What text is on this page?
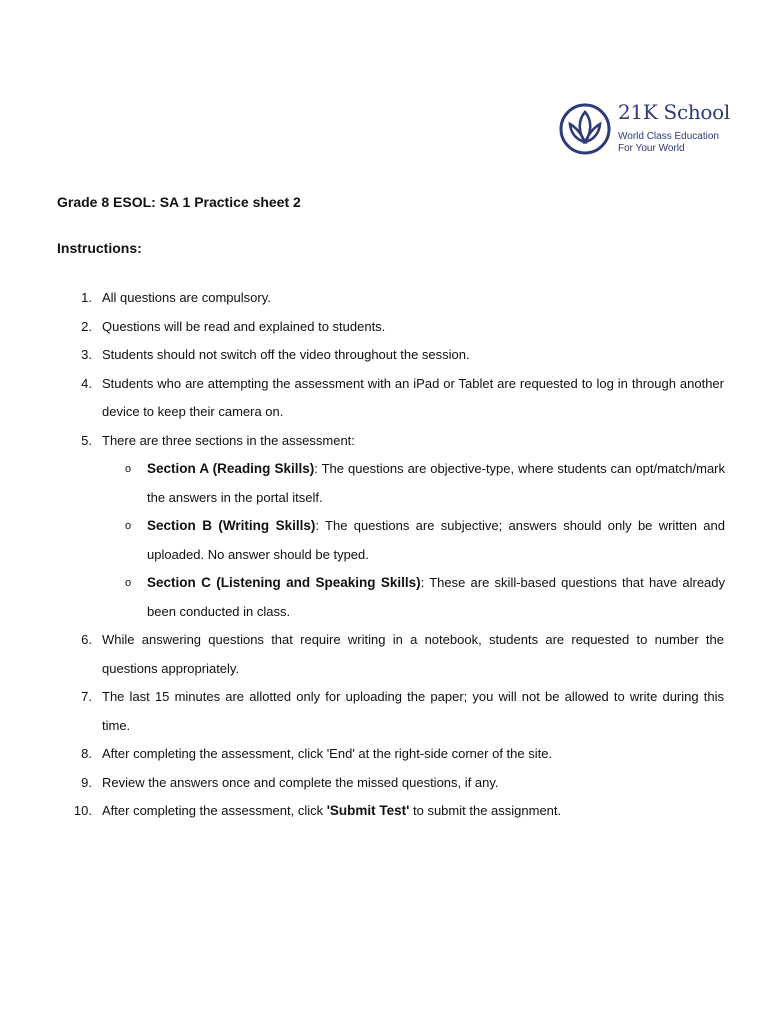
21K School
World Class Education
For Your World
Grade 8 ESOL: SA 1 Practice sheet 2
Instructions:
1. All questions are compulsory.
2. Questions will be read and explained to students.
3. Students should not switch off the video throughout the session.
4. Students who are attempting the assessment with an iPad or Tablet are requested to log in through another device to keep their camera on.
5. There are three sections in the assessment:
o Section A (Reading Skills): The questions are objective-type, where students can opt/match/mark the answers in the portal itself.
o Section B (Writing Skills): The questions are subjective; answers should only be written and uploaded. No answer should be typed.
o Section C (Listening and Speaking Skills): These are skill-based questions that have already been conducted in class.
6. While answering questions that require writing in a notebook, students are requested to number the questions appropriately.
7. The last 15 minutes are allotted only for uploading the paper; you will not be allowed to write during this time.
8. After completing the assessment, click 'End' at the right-side corner of the site.
9. Review the answers once and complete the missed questions, if any.
10. After completing the assessment, click 'Submit Test' to submit the assignment.
